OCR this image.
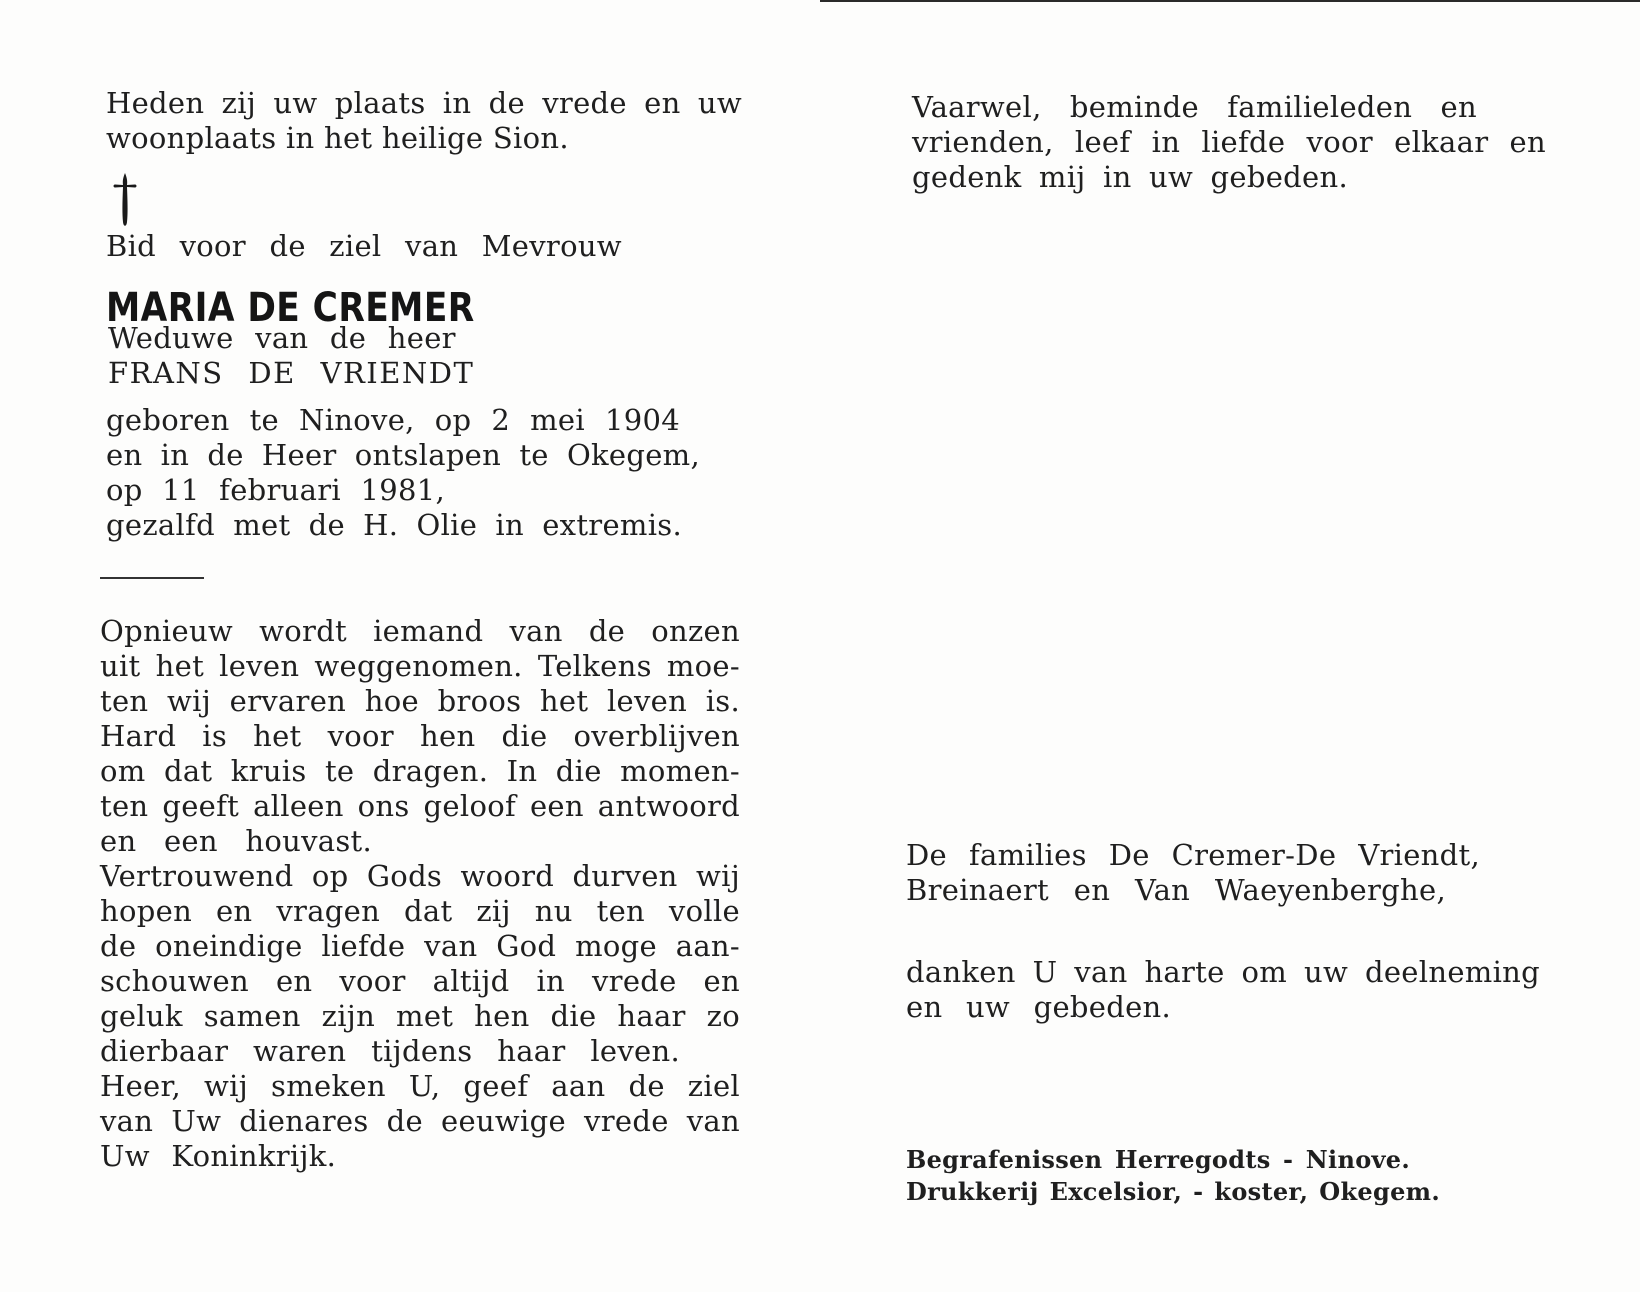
Heden zij uw plaats in de vrede en uw
woonplaats in het heilige Sion.
Bid voor de ziel van Mevrouw
MARIA DE CREMER
Weduwe van de heer
FRANS DE VRIENDT
geboren te Ninove, op 2 mei 1904
en in de Heer ontslapen te Okegem,
op 11 februari 1981,
gezalfd met de H. Olie in extremis.
Opnieuw wordt iemand van de onzen
uit het leven weggenomen. Telkens moe-
ten wij ervaren hoe broos het leven is.
Hard is het voor hen die overblijven
om dat kruis te dragen. In die momen-
ten geeft alleen ons geloof een antwoord
en een houvast.
Vertrouwend op Gods woord durven wij
hopen en vragen dat zij nu ten volle
de oneindige liefde van God moge aan-
schouwen en voor altijd in vrede en
geluk samen zijn met hen die haar zo
dierbaar waren tijdens haar leven.
Heer, wij smeken U, geef aan de ziel
van Uw dienares de eeuwige vrede van
Uw Koninkrijk.
Vaarwel, beminde familieleden en
vrienden, leef in liefde voor elkaar en
gedenk mij in uw gebeden.
De families De Cremer-De Vriendt,
Breinaert en Van Waeyenberghe,
danken U van harte om uw deelneming
en uw gebeden.
Begrafenissen Herregodts - Ninove.
Drukkerij Excelsior, - koster, Okegem.
